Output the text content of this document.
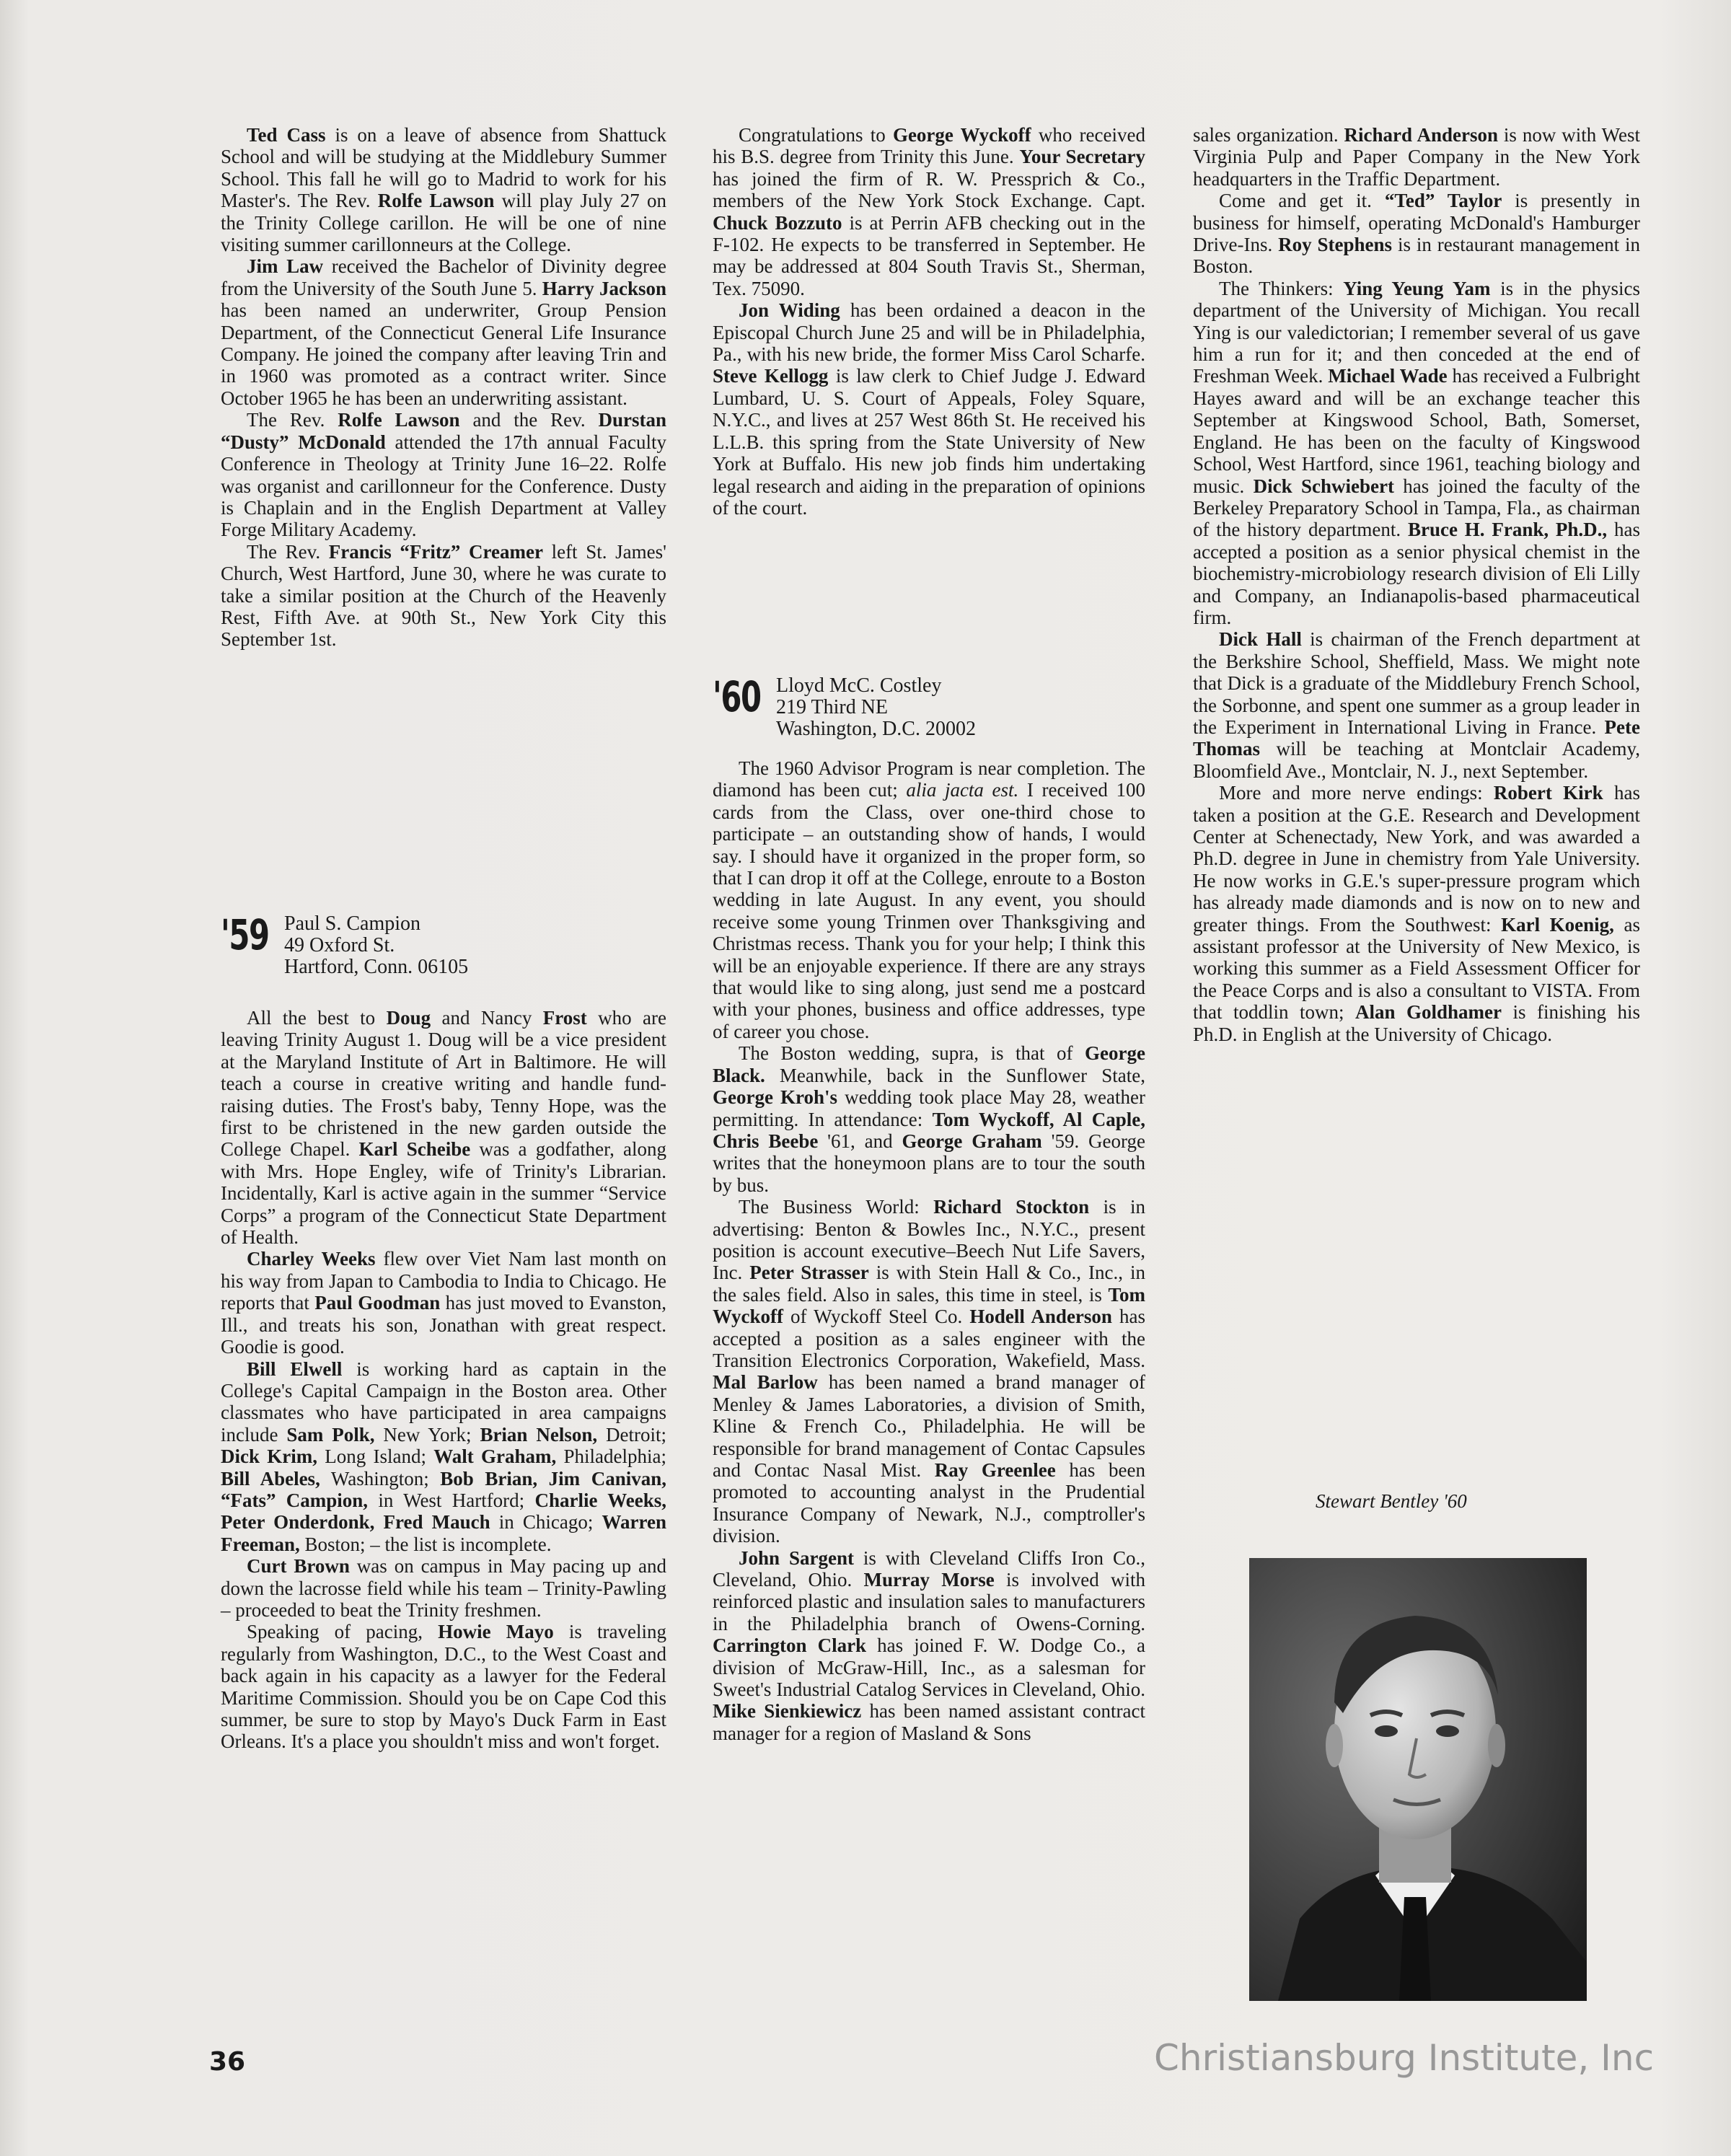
Ted Cass is on a leave of absence from Shattuck School and will be studying at the Middlebury Summer School. This fall he will go to Madrid to work for his Master's. The Rev. Rolfe Lawson will play July 27 on the Trinity College carillon. He will be one of nine visiting summer carillonneurs at the College.

Jim Law received the Bachelor of Divinity degree from the University of the South June 5. Harry Jackson has been named an underwriter, Group Pension Department, of the Connecticut General Life Insurance Company. He joined the company after leaving Trin and in 1960 was promoted as a contract writer. Since October 1965 he has been an underwriting assistant.

The Rev. Rolfe Lawson and the Rev. Durstan “Dusty” McDonald attended the 17th annual Faculty Conference in Theology at Trinity June 16–22. Rolfe was organist and carillonneur for the Conference. Dusty is Chaplain and in the English Department at Valley Forge Military Academy.

The Rev. Francis “Fritz” Creamer left St. James' Church, West Hartford, June 30, where he was curate to take a similar position at the Church of the Heavenly Rest, Fifth Ave. at 90th St., New York City this September 1st.

'59 Paul S. Campion
49 Oxford St.
Hartford, Conn. 06105

All the best to Doug and Nancy Frost who are leaving Trinity August 1. Doug will be a vice president at the Maryland Institute of Art in Baltimore. He will teach a course in creative writing and handle fund-raising duties. The Frost's baby, Tenny Hope, was the first to be christened in the new garden outside the College Chapel. Karl Scheibe was a godfather, along with Mrs. Hope Engley, wife of Trinity's Librarian. Incidentally, Karl is active again in the summer “Service Corps” a program of the Connecticut State Department of Health.

Charley Weeks flew over Viet Nam last month on his way from Japan to Cambodia to India to Chicago. He reports that Paul Goodman has just moved to Evanston, Ill., and treats his son, Jonathan with great respect. Goodie is good.

Bill Elwell is working hard as captain in the College's Capital Campaign in the Boston area. Other classmates who have participated in area campaigns include Sam Polk, New York; Brian Nelson, Detroit; Dick Krim, Long Island; Walt Graham, Philadelphia; Bill Abeles, Washington; Bob Brian, Jim Canivan, “Fats” Campion, in West Hartford; Charlie Weeks, Peter Onderdonk, Fred Mauch in Chicago; Warren Freeman, Boston; – the list is incomplete.

Curt Brown was on campus in May pacing up and down the lacrosse field while his team – Trinity-Pawling – proceeded to beat the Trinity freshmen.

Speaking of pacing, Howie Mayo is traveling regularly from Washington, D.C., to the West Coast and back again in his capacity as a lawyer for the Federal Maritime Commission. Should you be on Cape Cod this summer, be sure to stop by Mayo's Duck Farm in East Orleans. It's a place you shouldn't miss and won't forget.

Congratulations to George Wyckoff who received his B.S. degree from Trinity this June. Your Secretary has joined the firm of R. W. Pressprich & Co., members of the New York Stock Exchange. Capt. Chuck Bozzuto is at Perrin AFB checking out in the F-102. He expects to be transferred in September. He may be addressed at 804 South Travis St., Sherman, Tex. 75090.

Jon Widing has been ordained a deacon in the Episcopal Church June 25 and will be in Philadelphia, Pa., with his new bride, the former Miss Carol Scharfe. Steve Kellogg is law clerk to Chief Judge J. Edward Lumbard, U. S. Court of Appeals, Foley Square, N.Y.C., and lives at 257 West 86th St. He received his L.L.B. this spring from the State University of New York at Buffalo. His new job finds him undertaking legal research and aiding in the preparation of opinions of the court.

'60 Lloyd McC. Costley
219 Third NE
Washington, D.C. 20002

The 1960 Advisor Program is near completion. The diamond has been cut; alia jacta est. I received 100 cards from the Class, over one-third chose to participate – an outstanding show of hands, I would say. I should have it organized in the proper form, so that I can drop it off at the College, enroute to a Boston wedding in late August. In any event, you should receive some young Trinmen over Thanksgiving and Christmas recess. Thank you for your help; I think this will be an enjoyable experience. If there are any strays that would like to sing along, just send me a postcard with your phones, business and office addresses, type of career you chose.

The Boston wedding, supra, is that of George Black. Meanwhile, back in the Sunflower State, George Kroh's wedding took place May 28, weather permitting. In attendance: Tom Wyckoff, Al Caple, Chris Beebe '61, and George Graham '59. George writes that the honeymoon plans are to tour the south by bus.

The Business World: Richard Stockton is in advertising: Benton & Bowles Inc., N.Y.C., present position is account executive–Beech Nut Life Savers, Inc. Peter Strasser is with Stein Hall & Co., Inc., in the sales field. Also in sales, this time in steel, is Tom Wyckoff of Wyckoff Steel Co. Hodell Anderson has accepted a position as a sales engineer with the Transition Electronics Corporation, Wakefield, Mass. Mal Barlow has been named a brand manager of Menley & James Laboratories, a division of Smith, Kline & French Co., Philadelphia. He will be responsible for brand management of Contac Capsules and Contac Nasal Mist. Ray Greenlee has been promoted to accounting analyst in the Prudential Insurance Company of Newark, N.J., comptroller's division.

John Sargent is with Cleveland Cliffs Iron Co., Cleveland, Ohio. Murray Morse is involved with reinforced plastic and insulation sales to manufacturers in the Philadelphia branch of Owens-Corning. Carrington Clark has joined F. W. Dodge Co., a division of McGraw-Hill, Inc., as a salesman for Sweet's Industrial Catalog Services in Cleveland, Ohio. Mike Sienkiewicz has been named assistant contract manager for a region of Masland & Sons

sales organization. Richard Anderson is now with West Virginia Pulp and Paper Company in the New York headquarters in the Traffic Department.

Come and get it. “Ted” Taylor is presently in business for himself, operating McDonald's Hamburger Drive-Ins. Roy Stephens is in restaurant management in Boston.

The Thinkers: Ying Yeung Yam is in the physics department of the University of Michigan. You recall Ying is our valedictorian; I remember several of us gave him a run for it; and then conceded at the end of Freshman Week. Michael Wade has received a Fulbright Hayes award and will be an exchange teacher this September at Kingswood School, Bath, Somerset, England. He has been on the faculty of Kingswood School, West Hartford, since 1961, teaching biology and music. Dick Schwiebert has joined the faculty of the Berkeley Preparatory School in Tampa, Fla., as chairman of the history department. Bruce H. Frank, Ph.D., has accepted a position as a senior physical chemist in the biochemistry-microbiology research division of Eli Lilly and Company, an Indianapolis-based pharmaceutical firm.

Dick Hall is chairman of the French department at the Berkshire School, Sheffield, Mass. We might note that Dick is a graduate of the Middlebury French School, the Sorbonne, and spent one summer as a group leader in the Experiment in International Living in France. Pete Thomas will be teaching at Montclair Academy, Bloomfield Ave., Montclair, N. J., next September.

More and more nerve endings: Robert Kirk has taken a position at the G.E. Research and Development Center at Schenectady, New York, and was awarded a Ph.D. degree in June in chemistry from Yale University. He now works in G.E.'s super-pressure program which has already made diamonds and is now on to new and greater things. From the Southwest: Karl Koenig, as assistant professor at the University of New Mexico, is working this summer as a Field Assessment Officer for the Peace Corps and is also a consultant to VISTA. From that toddlin town; Alan Goldhamer is finishing his Ph.D. in English at the University of Chicago.

Stewart Bentley '60
36	Christiansburg Institute, Inc
